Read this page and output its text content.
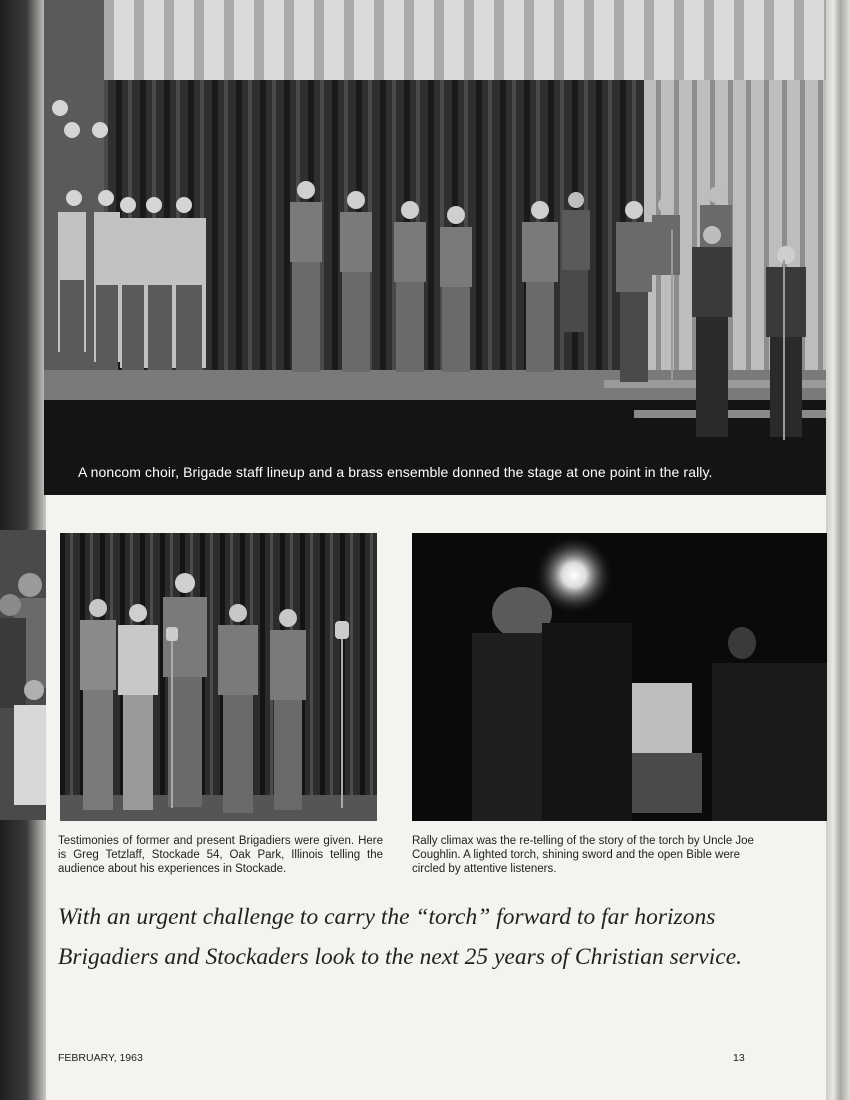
A noncom choir, Brigade staff lineup and a brass ensemble donned the stage at one point in the rally.
Testimonies of former and present Brigadiers were given. Here is Greg Tetzlaff, Stockade 54, Oak Park, Illinois telling the audience about his experiences in Stockade.
Rally climax was the re-telling of the story of the torch by Uncle Joe Coughlin. A lighted torch, shining sword and the open Bible were circled by attentive listeners.
With an urgent challenge to carry the “torch” forward to far horizons
Brigadiers and Stockaders look to the next 25 years of Christian service.
FEBRUARY, 1963	13
